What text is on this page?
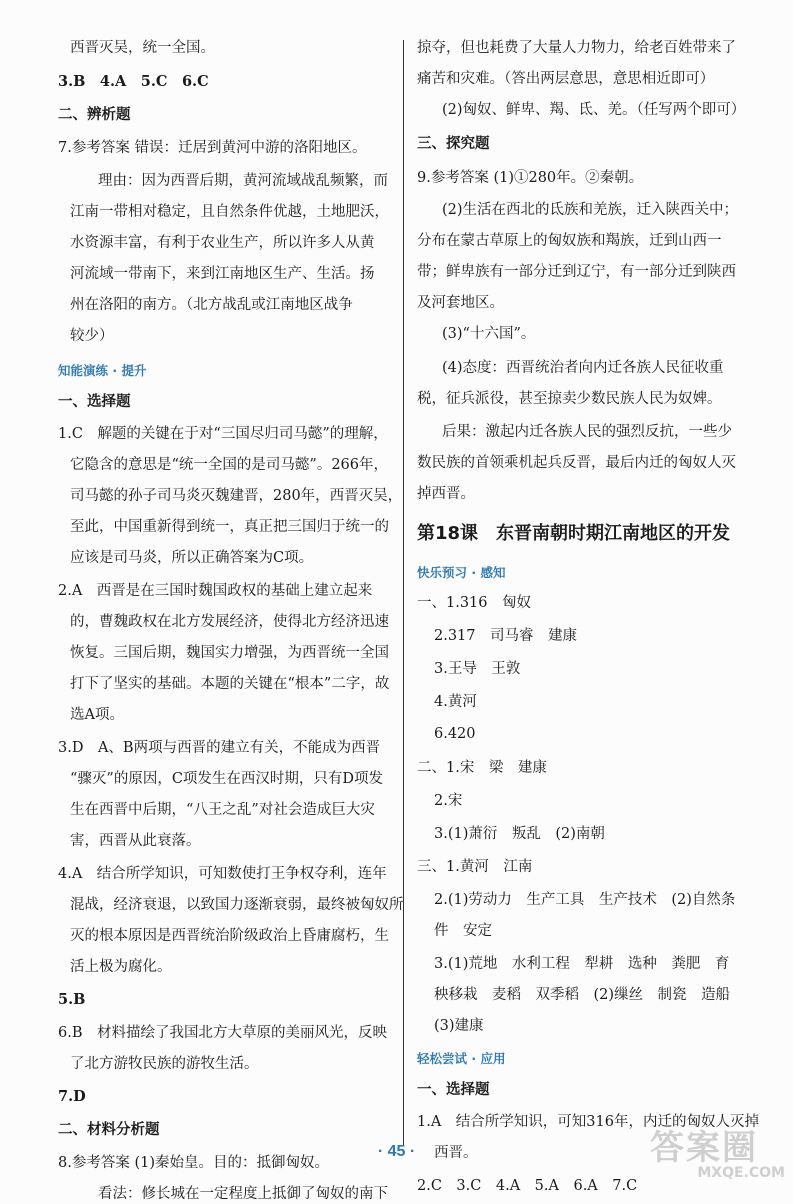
西晋灭吴，统一全国。
3.B　4.A　5.C　6.C
二、辨析题
7.参考答案 错误：迁居到黄河中游的洛阳地区。
理由：因为西晋后期，黄河流域战乱频繁，而
江南一带相对稳定，且自然条件优越，土地肥沃，
水资源丰富，有利于农业生产，所以许多人从黄
河流域一带南下，来到江南地区生产、生活。扬
州在洛阳的南方。（北方战乱或江南地区战争
较少）
知能演练 · 提升
一、选择题
1.C　解题的关键在于对“三国尽归司马懿”的理解，
它隐含的意思是“统一全国的是司马懿”。266年，
司马懿的孙子司马炎灭魏建晋，280年，西晋灭吴，
至此，中国重新得到统一，真正把三国归于统一的
应该是司马炎，所以正确答案为C项。
2.A　西晋是在三国时魏国政权的基础上建立起来
的，曹魏政权在北方发展经济，使得北方经济迅速
恢复。三国后期，魏国实力增强，为西晋统一全国
打下了坚实的基础。本题的关键在“根本”二字，故
选A项。
3.D　A、B两项与西晋的建立有关，不能成为西晋
“骤灭”的原因，C项发生在西汉时期，只有D项发
生在西晋中后期，“八王之乱”对社会造成巨大灾
害，西晋从此衰落。
4.A　结合所学知识，可知数使打王争权夺利，连年
混战，经济衰退，以致国力逐渐衰弱，最终被匈奴所
灭的根本原因是西晋统治阶级政治上昏庸腐朽，生
活上极为腐化。
5.B
6.B　材料描绘了我国北方大草原的美丽风光，反映
了北方游牧民族的游牧生活。
7.D
二、材料分析题
8.参考答案 (1)秦始皇。目的：抵御匈奴。
看法：修长城在一定程度上抵御了匈奴的南下
掠夺，但也耗费了大量人力物力，给老百姓带来了
痛苦和灾难。（答出两层意思，意思相近即可）
(2)匈奴、鲜卑、羯、氐、羌。（任写两个即可）
三、探究题
9.参考答案 (1)①280年。②秦朝。
(2)生活在西北的氐族和羌族，迁入陕西关中；
分布在蒙古草原上的匈奴族和羯族，迁到山西一
带；鲜卑族有一部分迁到辽宁，有一部分迁到陕西
及河套地区。
(3)“十六国”。
(4)态度：西晋统治者向内迁各族人民征收重
税，征兵派役，甚至掠卖少数民族人民为奴婢。
后果：激起内迁各族人民的强烈反抗，一些少
数民族的首领乘机起兵反晋，最后内迁的匈奴人灭
掉西晋。
第18课　东晋南朝时期江南地区的开发
快乐预习 · 感知
一、1.316　匈奴
2.317　司马睿　建康
3.王导　王敦
4.黄河
6.420
二、1.宋　梁　建康
2.宋
3.(1)萧衍　叛乱　(2)南朝
三、1.黄河　江南
2.(1)劳动力　生产工具　生产技术　(2)自然条
件　安定
3.(1)荒地　水利工程　犁耕　选种　粪肥　育
秧移栽　麦稻　双季稻　(2)缫丝　制瓷　造船
(3)建康
轻松尝试 · 应用
一、选择题
1.A　结合所学知识，可知316年，内迁的匈奴人灭掉
西晋。
2.C　3.C　4.A　5.A　6.A　7.C
· 45 ·	答案圈
MXQE.COM
